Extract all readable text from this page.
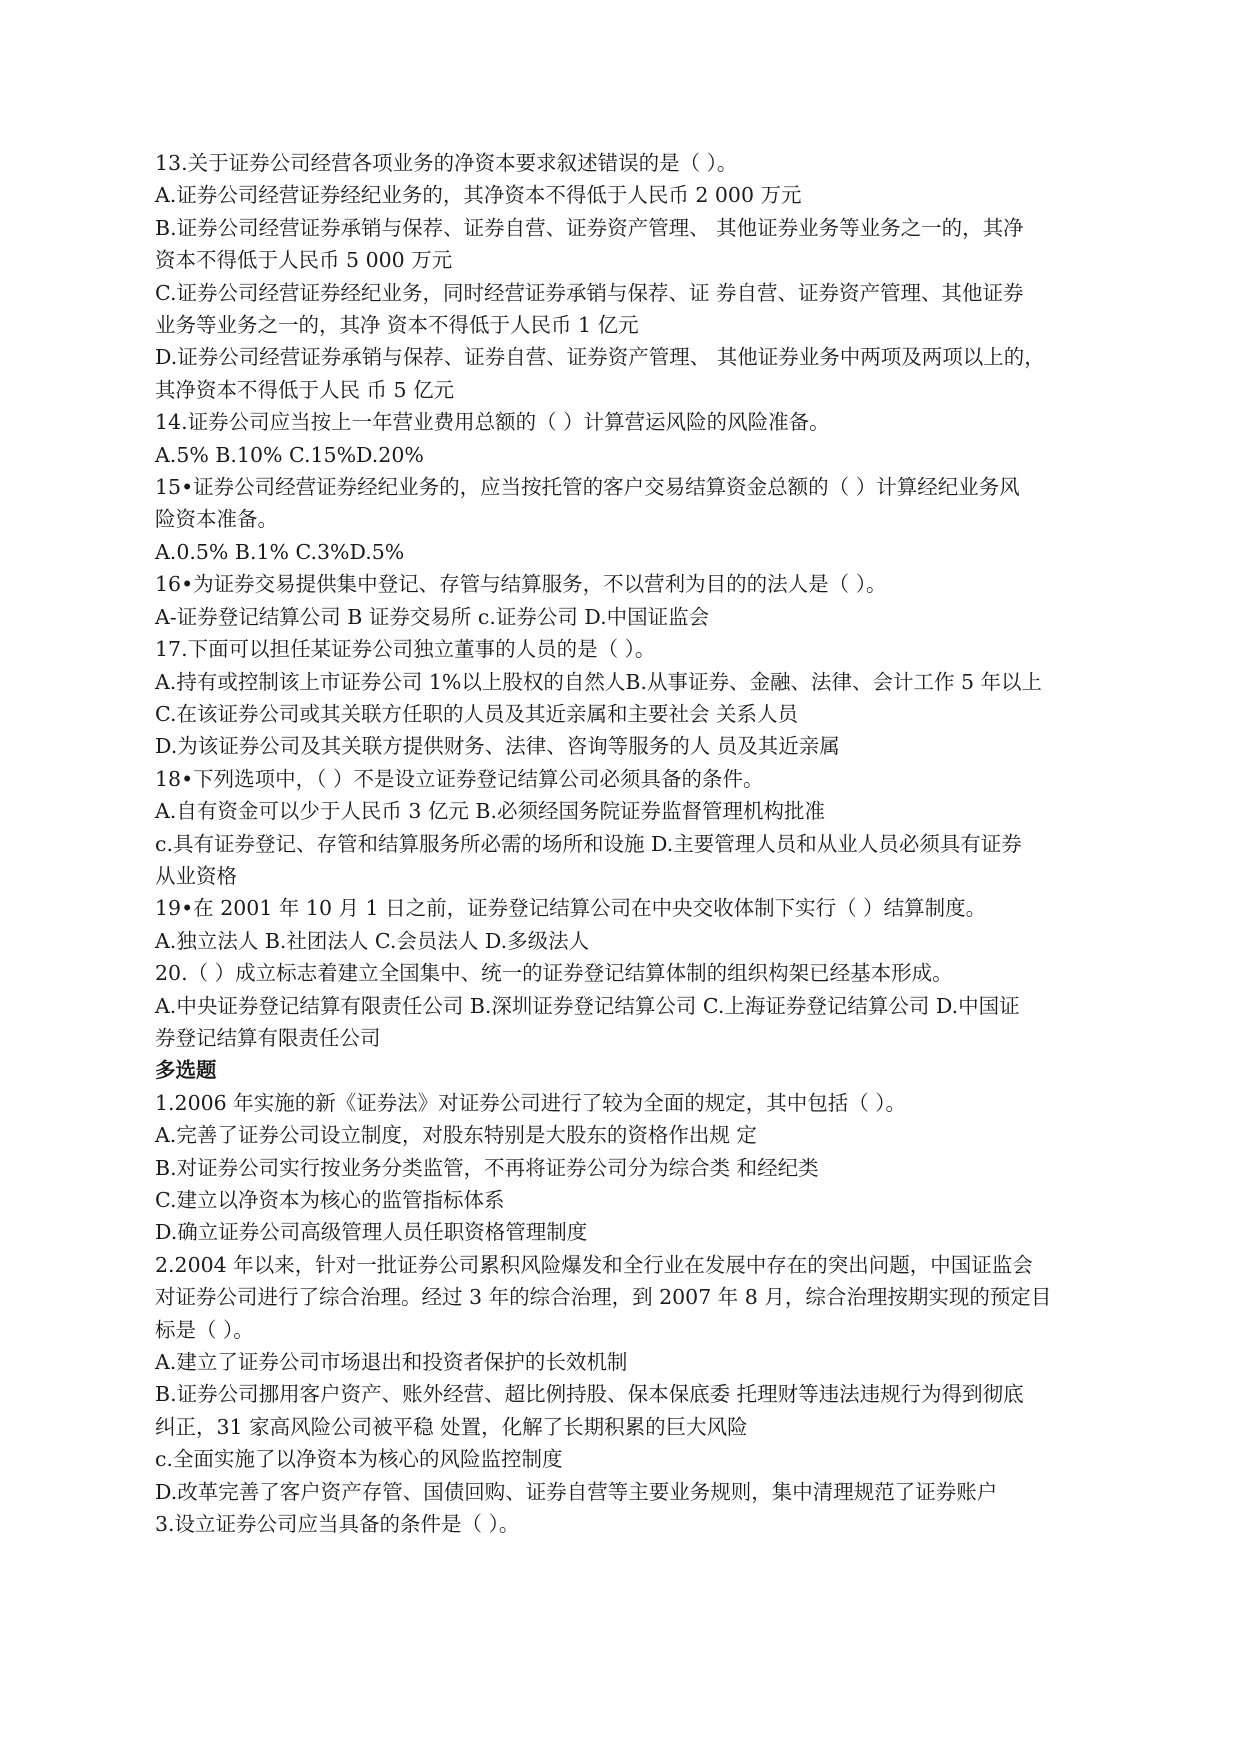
13.关于证券公司经营各项业务的净资本要求叙述错误的是（ ）。
A.证券公司经营证券经纪业务的，其净资本不得低于人民币 2 000 万元
B.证券公司经营证券承销与保荐、证券自营、证券资产管理、 其他证券业务等业务之一的，其净
资本不得低于人民币 5 000 万元
C.证券公司经营证券经纪业务，同时经营证券承销与保荐、证 券自营、证券资产管理、其他证券
业务等业务之一的，其净 资本不得低于人民币 1 亿元
D.证券公司经营证券承销与保荐、证券自营、证券资产管理、 其他证券业务中两项及两项以上的，
其净资本不得低于人民 币 5 亿元
14.证券公司应当按上一年营业费用总额的（ ）计算营运风险的风险准备。
A.5% B.10% C.15%D.20%
15•证券公司经营证券经纪业务的，应当按托管的客户交易结算资金总额的（ ）计算经纪业务风
险资本准备。
A.0.5% B.1% C.3%D.5%
16•为证券交易提供集中登记、存管与结算服务，不以营利为目的的法人是（ ）。
A-证券登记结算公司 B 证券交易所 c.证券公司 D.中国证监会
17.下面可以担任某证券公司独立董事的人员的是（ ）。
A.持有或控制该上市证券公司 1%以上股权的自然人B.从事证券、金融、法律、会计工作 5 年以上
C.在该证券公司或其关联方任职的人员及其近亲属和主要社会 关系人员
D.为该证券公司及其关联方提供财务、法律、咨询等服务的人 员及其近亲属
18•下列选项中，（ ）不是设立证券登记结算公司必须具备的条件。
A.自有资金可以少于人民币 3 亿元 B.必须经国务院证券监督管理机构批准
c.具有证券登记、存管和结算服务所必需的场所和设施 D.主要管理人员和从业人员必须具有证券
从业资格
19•在 2001 年 10 月 1 日之前，证券登记结算公司在中央交收体制下实行（ ）结算制度。
A.独立法人 B.社团法人 C.会员法人 D.多级法人
20.（ ）成立标志着建立全国集中、统一的证券登记结算体制的组织构架已经基本形成。
A.中央证券登记结算有限责任公司 B.深圳证券登记结算公司 C.上海证券登记结算公司 D.中国证
券登记结算有限责任公司
多选题
1.2006 年实施的新《证券法》对证券公司进行了较为全面的规定，其中包括（ ）。
A.完善了证券公司设立制度，对股东特别是大股东的资格作出规 定
B.对证券公司实行按业务分类监管，不再将证券公司分为综合类 和经纪类
C.建立以净资本为核心的监管指标体系
D.确立证券公司高级管理人员任职资格管理制度
2.2004 年以来，针对一批证券公司累积风险爆发和全行业在发展中存在的突出问题，中国证监会
对证券公司进行了综合治理。经过 3 年的综合治理，到 2007 年 8 月，综合治理按期实现的预定目
标是（ ）。
A.建立了证券公司市场退出和投资者保护的长效机制
B.证券公司挪用客户资产、账外经营、超比例持股、保本保底委 托理财等违法违规行为得到彻底
纠正，31 家高风险公司被平稳 处置，化解了长期积累的巨大风险
c.全面实施了以净资本为核心的风险监控制度
D.改革完善了客户资产存管、国债回购、证券自营等主要业务规则，集中清理规范了证券账户
3.设立证券公司应当具备的条件是（ ）。
